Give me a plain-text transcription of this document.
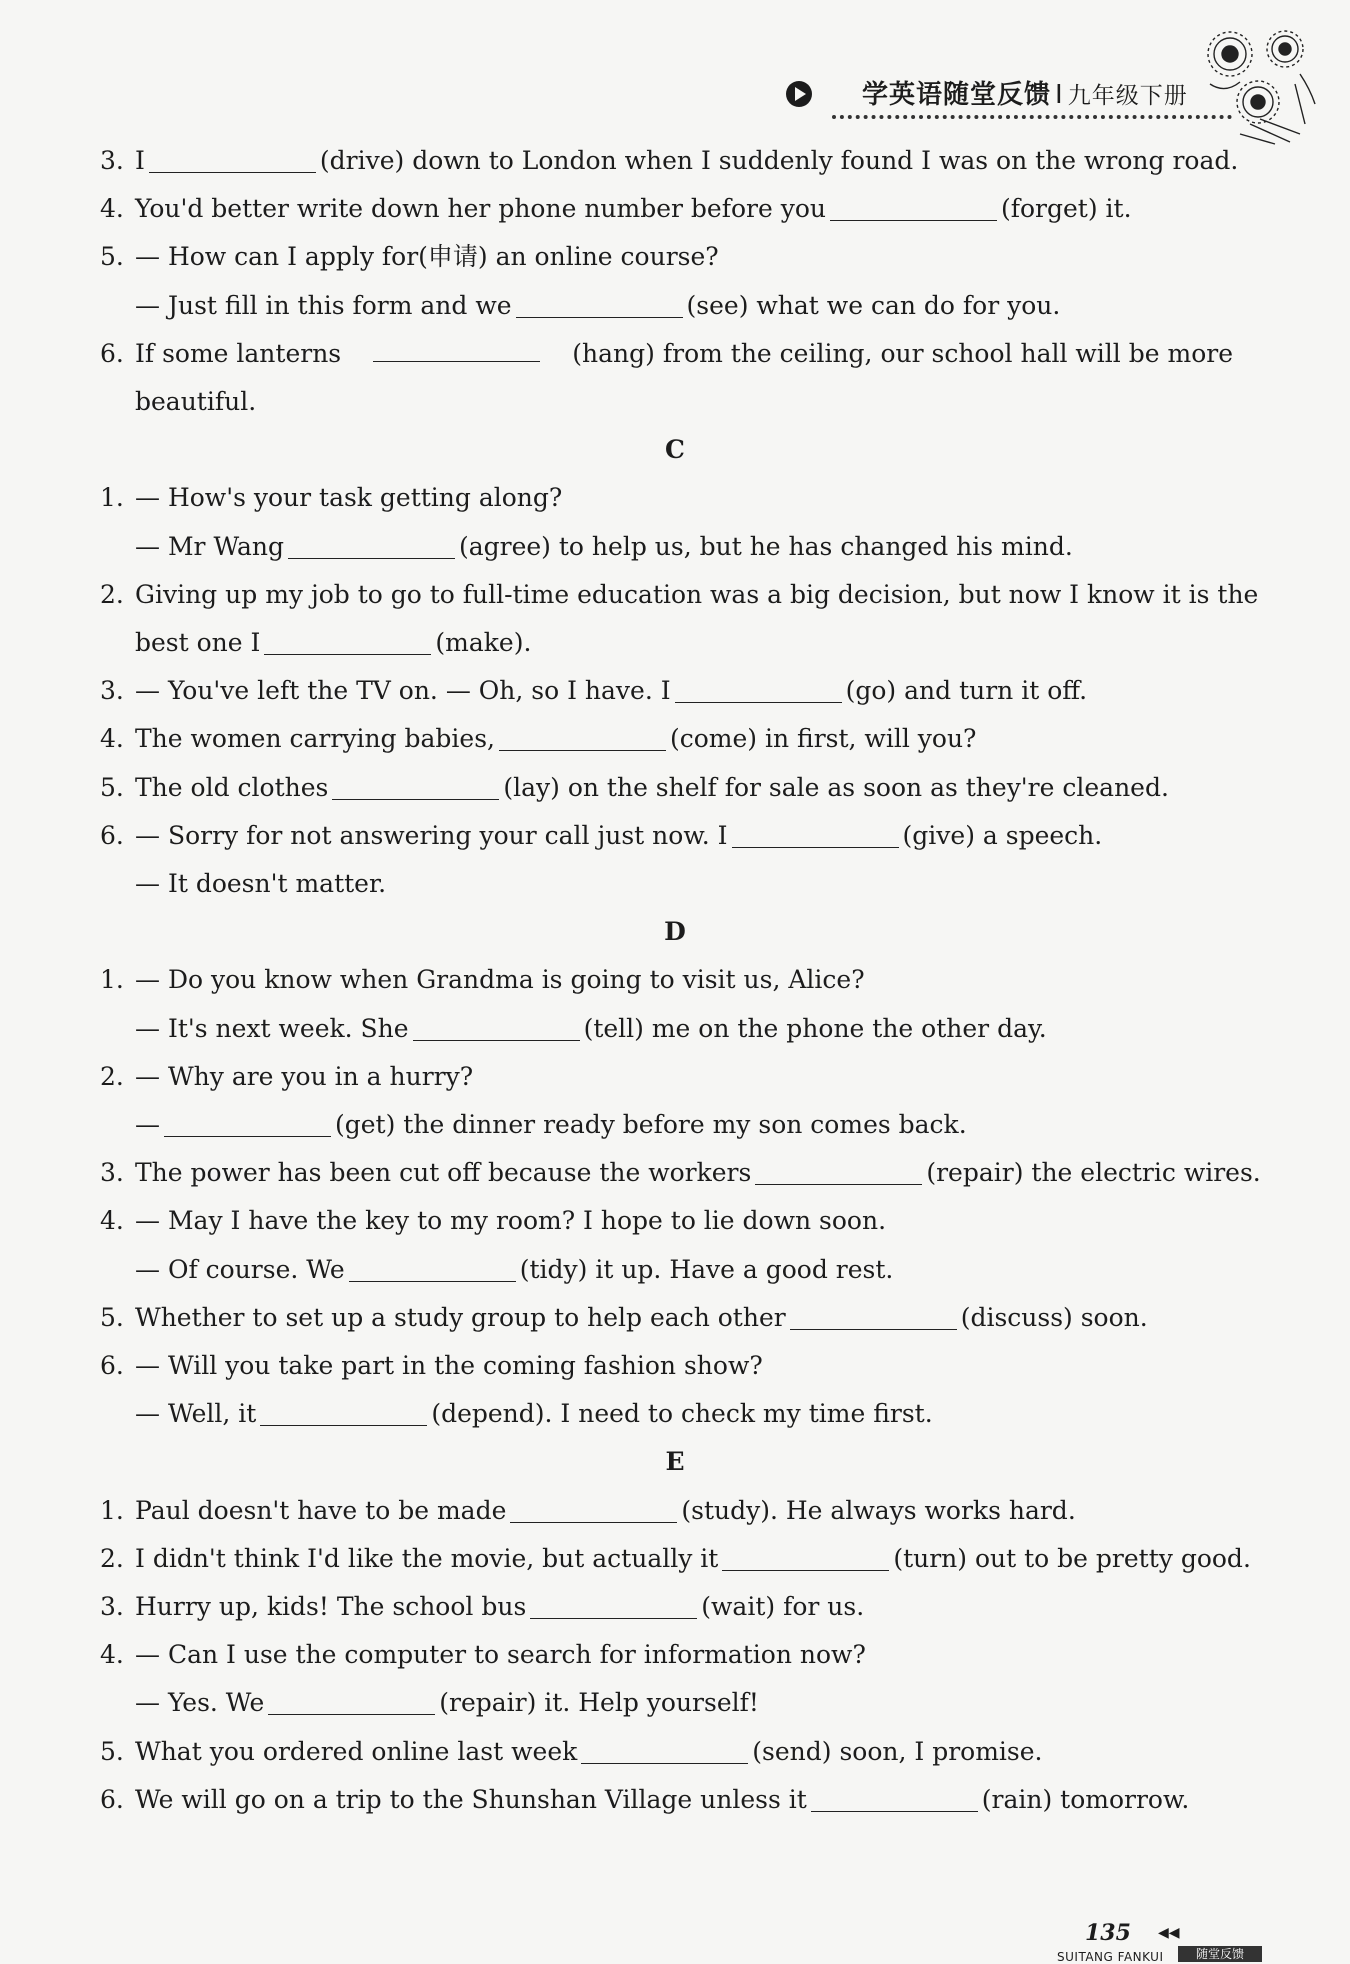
学英语随堂反馈 I 九年级下册
3. I	(drive) down to London when I suddenly found I was on the wrong road.
4. You'd better write down her phone number before you	(forget) it.
5. — How can I apply for(申请) an online course?
— Just fill in this form and we	(see) what we can do for you.
6. If some lanterns	(hang) from the ceiling, our school hall will be more
beautiful.
C
1. — How's your task getting along?
— Mr Wang	(agree) to help us, but he has changed his mind.
2. Giving up my job to go to full-time education was a big decision, but now I know it is the
best one I	(make).
3. — You've left the TV on. — Oh, so I have. I	(go) and turn it off.
4. The women carrying babies,	(come) in first, will you?
5. The old clothes	(lay) on the shelf for sale as soon as they're cleaned.
6. — Sorry for not answering your call just now. I	(give) a speech.
— It doesn't matter.
D
1. — Do you know when Grandma is going to visit us, Alice?
— It's next week. She	(tell) me on the phone the other day.
2. — Why are you in a hurry?
—	(get) the dinner ready before my son comes back.
3. The power has been cut off because the workers	(repair) the electric wires.
4. — May I have the key to my room? I hope to lie down soon.
— Of course. We	(tidy) it up. Have a good rest.
5. Whether to set up a study group to help each other	(discuss) soon.
6. — Will you take part in the coming fashion show?
— Well, it	(depend). I need to check my time first.
E
1. Paul doesn't have to be made	(study). He always works hard.
2. I didn't think I'd like the movie, but actually it	(turn) out to be pretty good.
3. Hurry up, kids! The school bus	(wait) for us.
4. — Can I use the computer to search for information now?
— Yes. We	(repair) it. Help yourself!
5. What you ordered online last week	(send) soon, I promise.
6. We will go on a trip to the Shunshan Village unless it	(rain) tomorrow.
135 ◀◀
SUITANG FANKUI	随堂反馈
